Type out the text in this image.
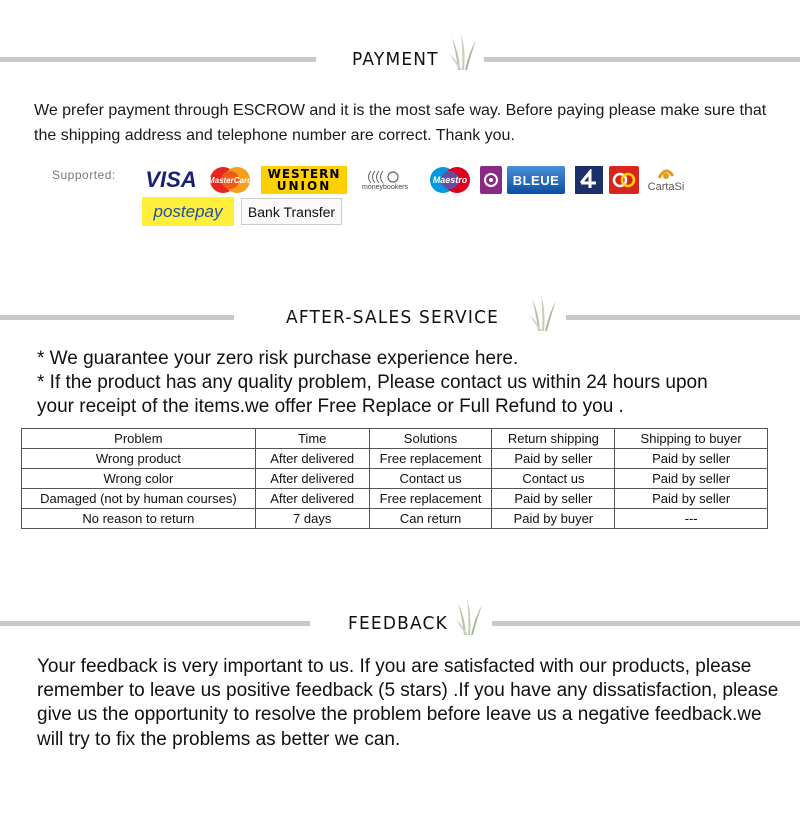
PAYMENT
We prefer payment through ESCROW and it is the most safe way. Before paying please make sure that the shipping address and telephone number are correct. Thank you.
Supported: VISA MasterCard WESTERN
UNION	moneybookers
Maestro	BLEUE	CartaSi
postepay Bank Transfer
AFTER-SALES SERVICE
* We guarantee your zero risk purchase experience here.
* If the product has any quality problem, Please contact us within 24 hours upon
your receipt of the items.we offer Free Replace or Full Refund to you .
Problem	Time	Solutions	Return shipping	Shipping to buyer
Wrong product	After delivered	Free replacement	Paid by seller	Paid by seller
Wrong color	After delivered	Contact us	Contact us	Paid by seller
Damaged (not by human courses)	After delivered	Free replacement	Paid by seller	Paid by seller
No reason to return	7 days	Can return	Paid by buyer	---
FEEDBACK
Your feedback is very important to us. If you are satisfacted with our products, please remember to leave us positive feedback (5 stars) .If you have any dissatisfaction, please give us the opportunity to resolve the problem before leave us a negative feedback.we will try to fix the problems as better we can.
